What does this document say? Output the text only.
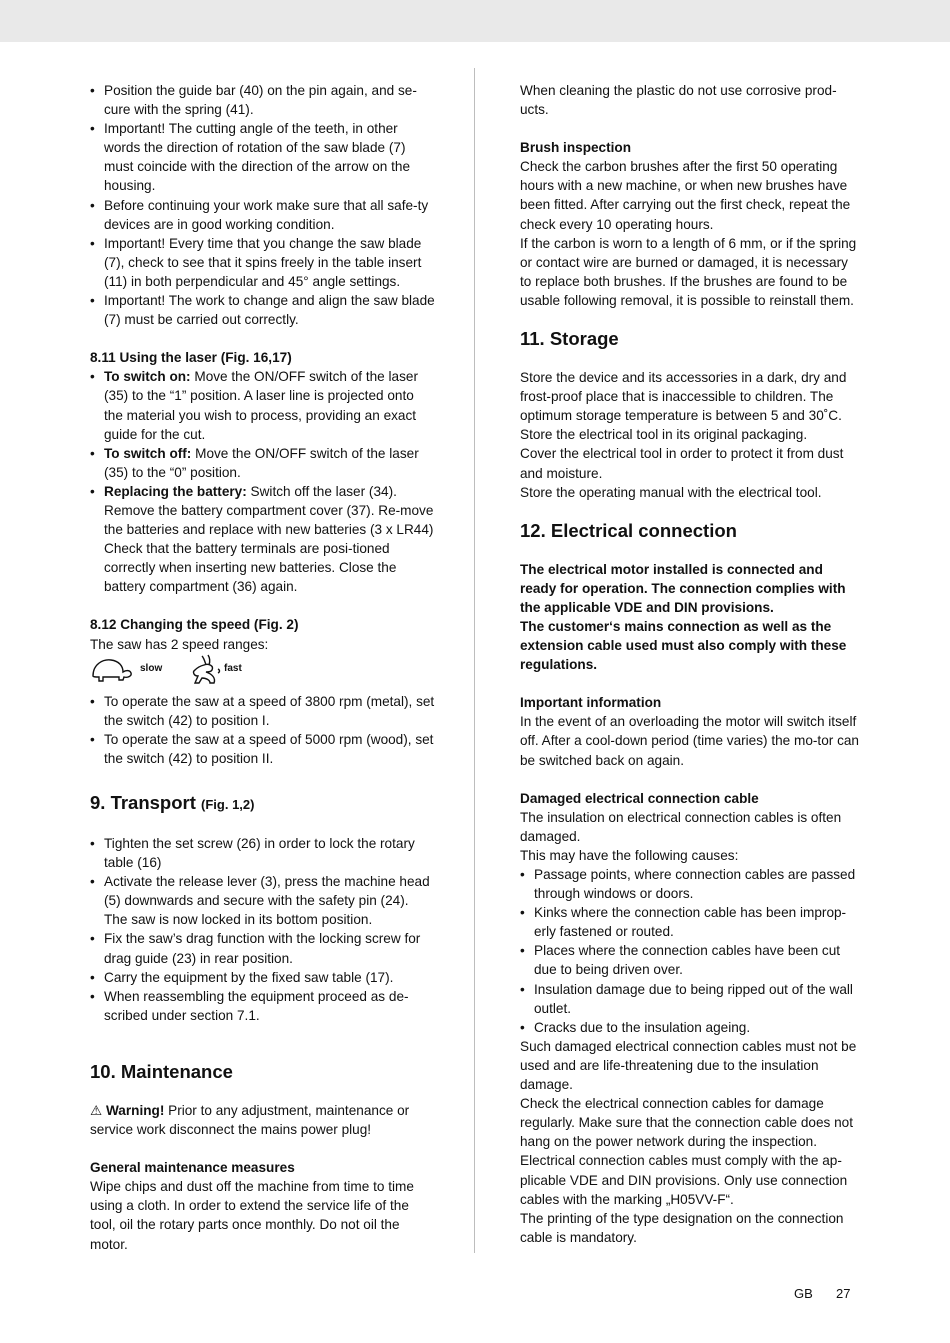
• Position the guide bar (40) on the pin again, and se-cure with the spring (41).
• Important! The cutting angle of the teeth, in other words the direction of rotation of the saw blade (7) must coincide with the direction of the arrow on the housing.
• Before continuing your work make sure that all safe-ty devices are in good working condition.
• Important! Every time that you change the saw blade (7), check to see that it spins freely in the table insert (11) in both perpendicular and 45° angle settings.
• Important! The work to change and align the saw blade (7) must be carried out correctly.

8.11 Using the laser (Fig. 16,17)

• To switch on: Move the ON/OFF switch of the laser (35) to the “1” position. A laser line is projected onto the material you wish to process, providing an exact guide for the cut.
• To switch off: Move the ON/OFF switch of the laser (35) to the “0” position.
• Replacing the battery: Switch off the laser (34). Remove the battery compartment cover (37). Re-move the batteries and replace with new batteries (3 x LR44) Check that the battery terminals are posi-tioned correctly when inserting new batteries. Close the battery compartment (36) again.

8.12 Changing the speed (Fig. 2)

The saw has 2 speed ranges:

slow	fast
• To operate the saw at a speed of 3800 rpm (metal), set the switch (42) to position I.
• To operate the saw at a speed of 5000 rpm (wood), set the switch (42) to position II.

9. Transport (Fig. 1,2)

• Tighten the set screw (26) in order to lock the rotary table (16)
• Activate the release lever (3), press the machine head (5) downwards and secure with the safety pin (24). The saw is now locked in its bottom position.
• Fix the saw’s drag function with the locking screw for drag guide (23) in rear position.
• Carry the equipment by the fixed saw table (17).
• When reassembling the equipment proceed as de-scribed under section 7.1.

10. Maintenance

⚠ Warning! Prior to any adjustment, maintenance or service work disconnect the mains power plug!

General maintenance measures

Wipe chips and dust off the machine from time to time using a cloth. In order to extend the service life of the tool, oil the rotary parts once monthly. Do not oil the motor.

When cleaning the plastic do not use corrosive prod-ucts.

Brush inspection

Check the carbon brushes after the first 50 operating hours with a new machine, or when new brushes have been fitted. After carrying out the first check, repeat the check every 10 operating hours.

If the carbon is worn to a length of 6 mm, or if the spring or contact wire are burned or damaged, it is necessary to replace both brushes. If the brushes are found to be usable following removal, it is possible to reinstall them.

11. Storage

Store the device and its accessories in a dark, dry and frost-proof place that is inaccessible to children. The optimum storage temperature is between 5 and 30˚C.

Store the electrical tool in its original packaging.

Cover the electrical tool in order to protect it from dust and moisture.

Store the operating manual with the electrical tool.

12. Electrical connection

The electrical motor installed is connected and ready for operation. The connection complies with the applicable VDE and DIN provisions.

The customer‘s mains connection as well as the extension cable used must also comply with these regulations.

Important information

In the event of an overloading the motor will switch itself off. After a cool-down period (time varies) the mo-tor can be switched back on again.

Damaged electrical connection cable

The insulation on electrical connection cables is often damaged.

This may have the following causes:

• Passage points, where connection cables are passed through windows or doors.
• Kinks where the connection cable has been improp-erly fastened or routed.
• Places where the connection cables have been cut due to being driven over.
• Insulation damage due to being ripped out of the wall outlet.
• Cracks due to the insulation ageing.

Such damaged electrical connection cables must not be used and are life-threatening due to the insulation damage.

Check the electrical connection cables for damage regularly. Make sure that the connection cable does not hang on the power network during the inspection.

Electrical connection cables must comply with the ap-plicable VDE and DIN provisions. Only use connection cables with the marking „H05VV-F“.

The printing of the type designation on the connection cable is mandatory.

GB 27
